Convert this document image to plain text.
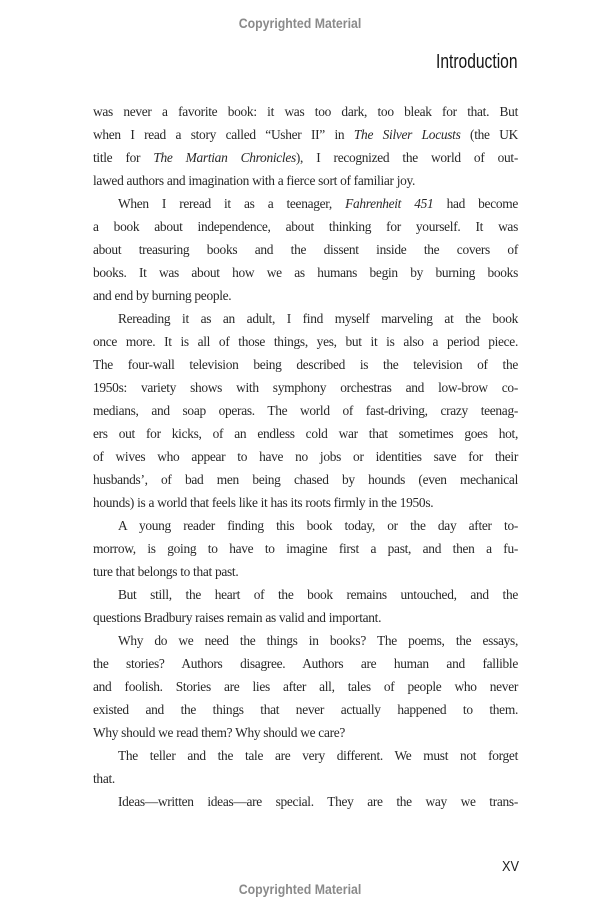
Copyrighted Material
Introduction
was never a favorite book: it was too dark, too bleak for that. But
when I read a story called “Usher II” in The Silver Locusts (the UK
title for The Martian Chronicles), I recognized the world of out-
lawed authors and imagination with a fierce sort of familiar joy.
When I reread it as a teenager, Fahrenheit 451 had become
a book about independence, about thinking for yourself. It was
about treasuring books and the dissent inside the covers of
books. It was about how we as humans begin by burning books
and end by burning people.
Rereading it as an adult, I find myself marveling at the book
once more. It is all of those things, yes, but it is also a period piece.
The four-wall television being described is the television of the
1950s: variety shows with symphony orchestras and low-brow co-
medians, and soap operas. The world of fast-driving, crazy teenag-
ers out for kicks, of an endless cold war that sometimes goes hot,
of wives who appear to have no jobs or identities save for their
husbands’, of bad men being chased by hounds (even mechanical
hounds) is a world that feels like it has its roots firmly in the 1950s.
A young reader finding this book today, or the day after to-
morrow, is going to have to imagine first a past, and then a fu-
ture that belongs to that past.
But still, the heart of the book remains untouched, and the
questions Bradbury raises remain as valid and important.
Why do we need the things in books? The poems, the essays,
the stories? Authors disagree. Authors are human and fallible
and foolish. Stories are lies after all, tales of people who never
existed and the things that never actually happened to them.
Why should we read them? Why should we care?
The teller and the tale are very different. We must not forget
that.
Ideas—written ideas—are special. They are the way we trans-
XV
Copyrighted Material
